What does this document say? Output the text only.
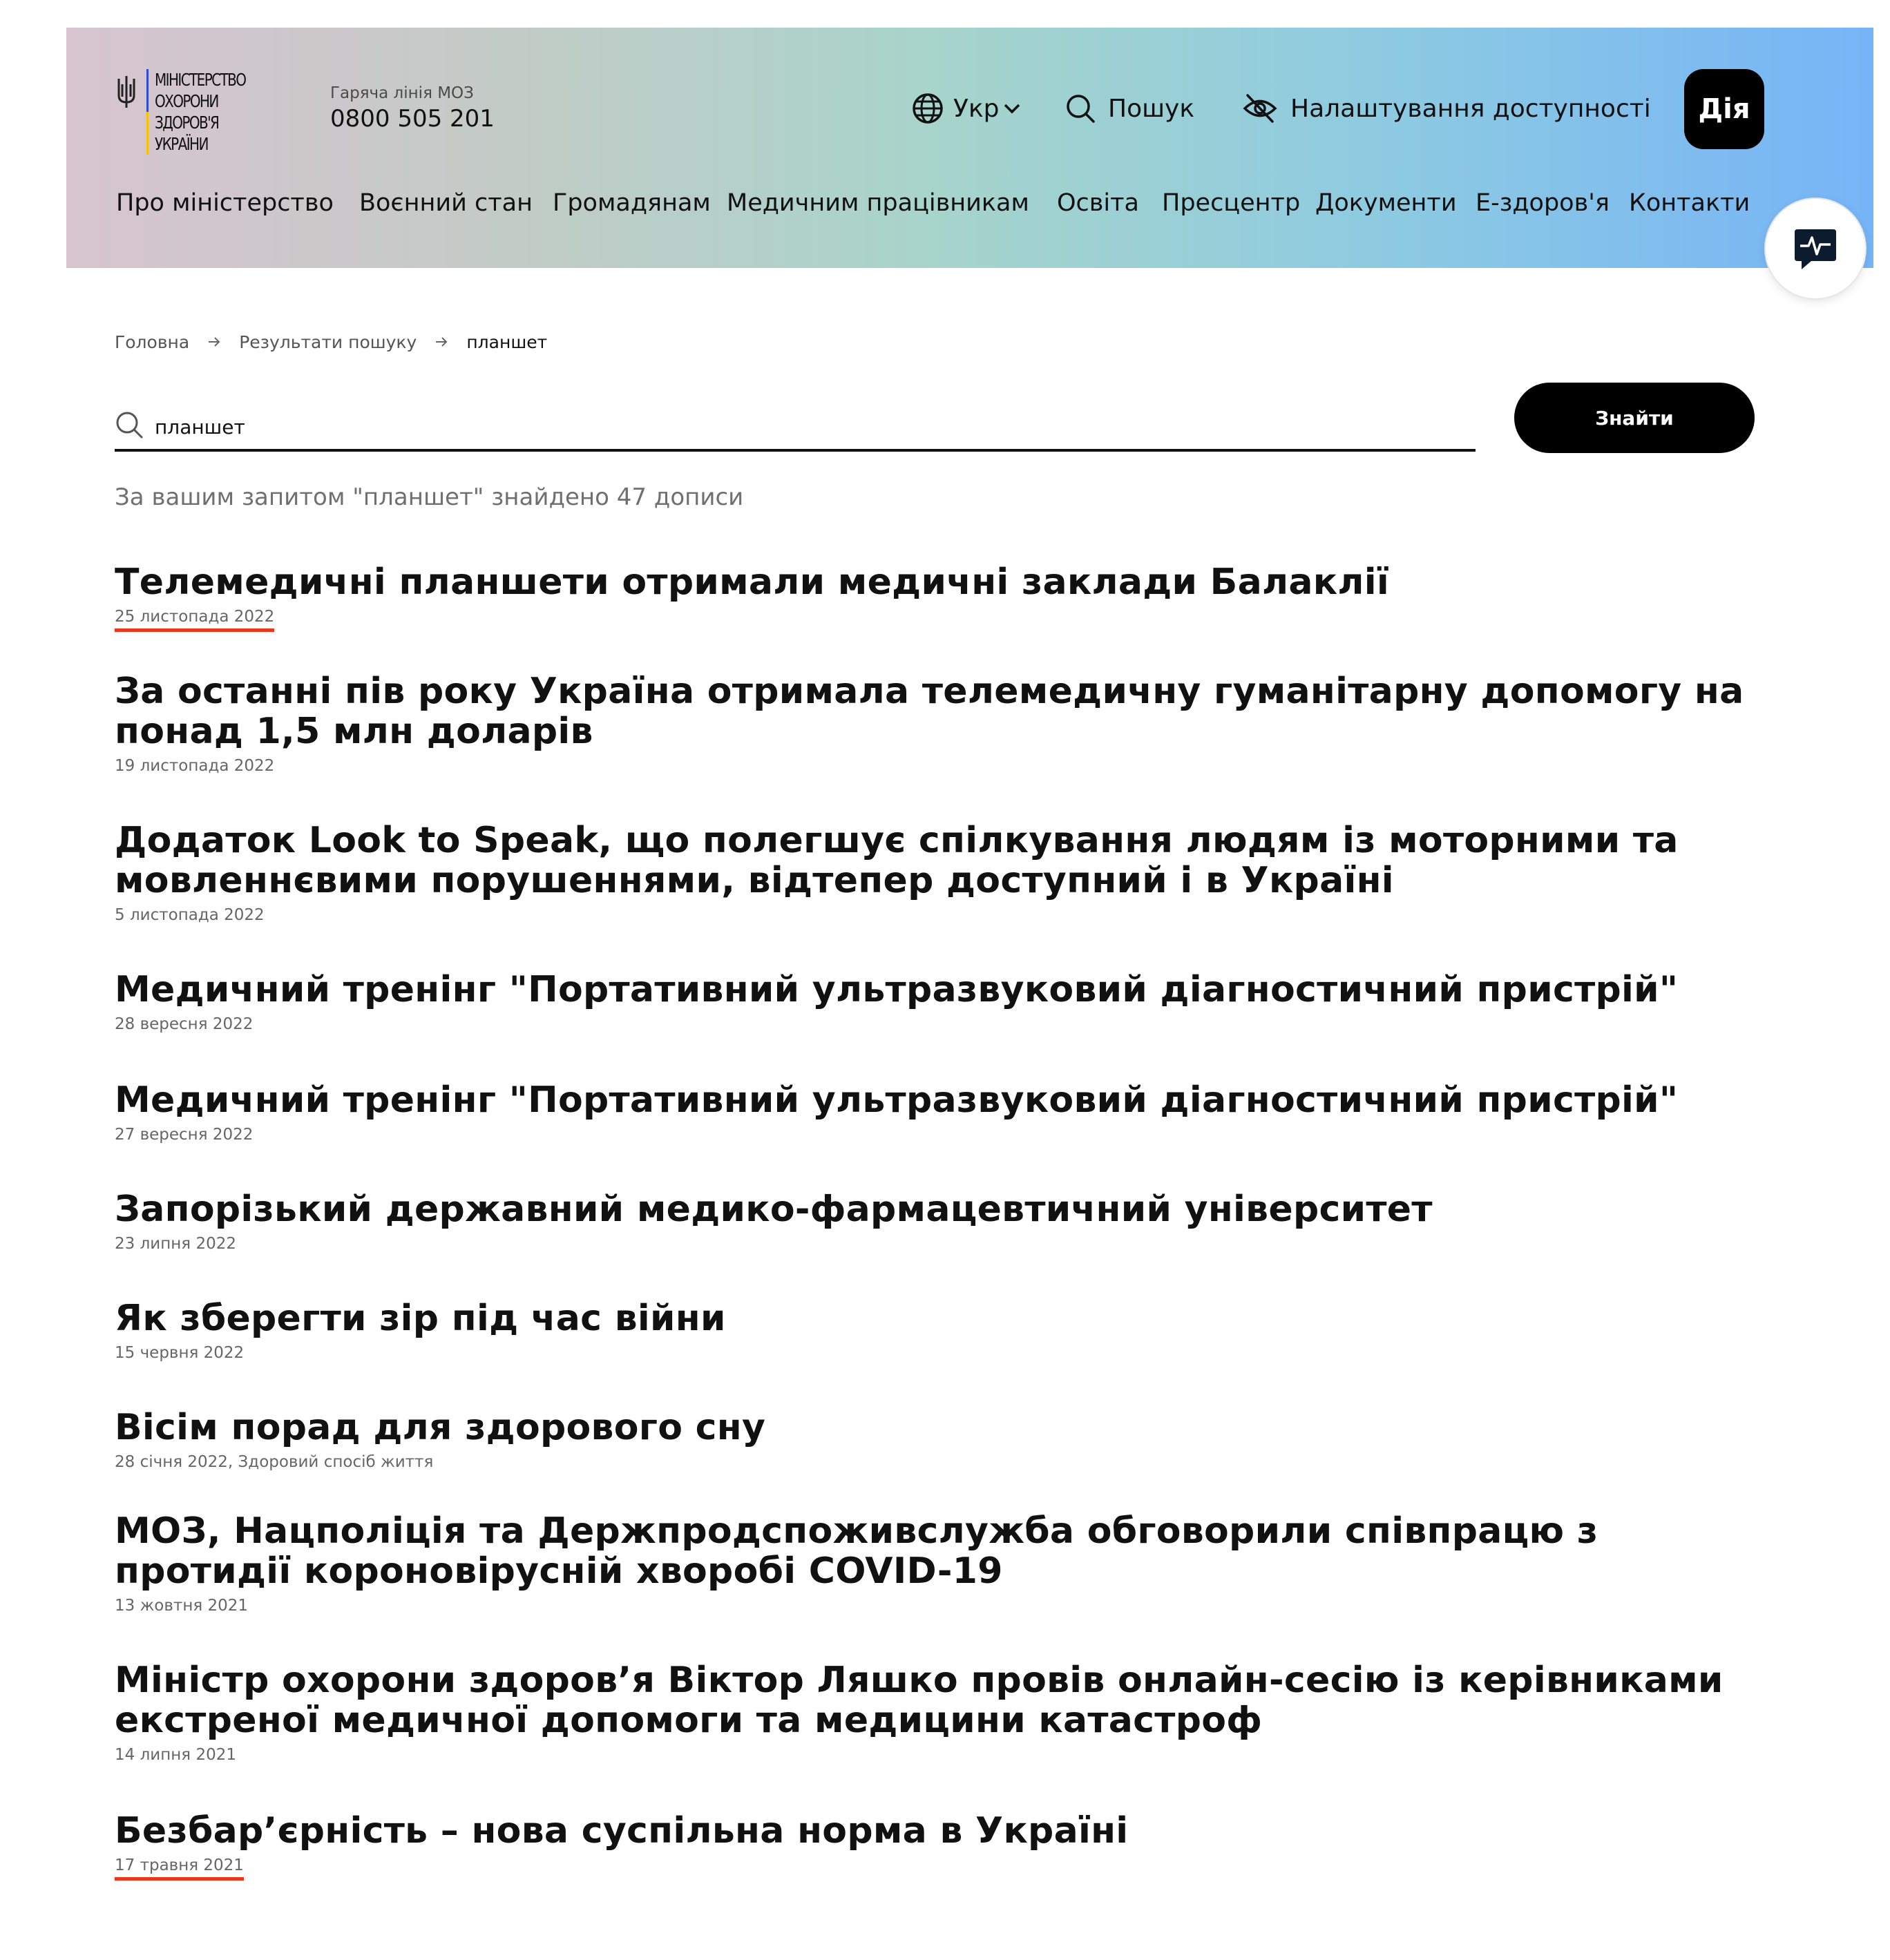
МІНІСТЕРСТВО
ОХОРОНИ
ЗДОРОВ'Я
УКРАЇНИ
Гаряча лінія МОЗ
0800 505 201	Укр	Пошук	Налаштування доступності Дія
Про міністерство Воєнний стан Громадянам Медичним працівникам Освіта Пресцентр Документи Е-здоров'я Контакти
Головна	Результати пошуку	планшет
планшет
Знайти
За вашим запитом "планшет" знайдено 47 дописи
Телемедичні планшети отримали медичні заклади Балаклії
25 листопада 2022
За останні пів року Україна отримала телемедичну гуманітарну допомогу на понад 1,5 млн доларів
19 листопада 2022
Додаток Look to Speak, що полегшує спілкування людям із моторними та мовленнєвими порушеннями, відтепер доступний і в Україні
5 листопада 2022
Медичний тренінг "Портативний ультразвуковий діагностичний пристрій"
28 вересня 2022
Медичний тренінг "Портативний ультразвуковий діагностичний пристрій"
27 вересня 2022
Запорізький державний медико-фармацевтичний університет
23 липня 2022
Як зберегти зір під час війни
15 червня 2022
Вісім порад для здорового сну
28 січня 2022, Здоровий спосіб життя
МОЗ, Нацполіція та Держпродспоживслужба обговорили співпрацю з протидії короновірусній хворобі COVID-19
13 жовтня 2021
Міністр охорони здоров’я Віктор Ляшко провів онлайн-сесію із керівниками екстреної медичної допомоги та медицини катастроф
14 липня 2021
Безбар’єрність – нова суспільна норма в Україні
17 травня 2021
